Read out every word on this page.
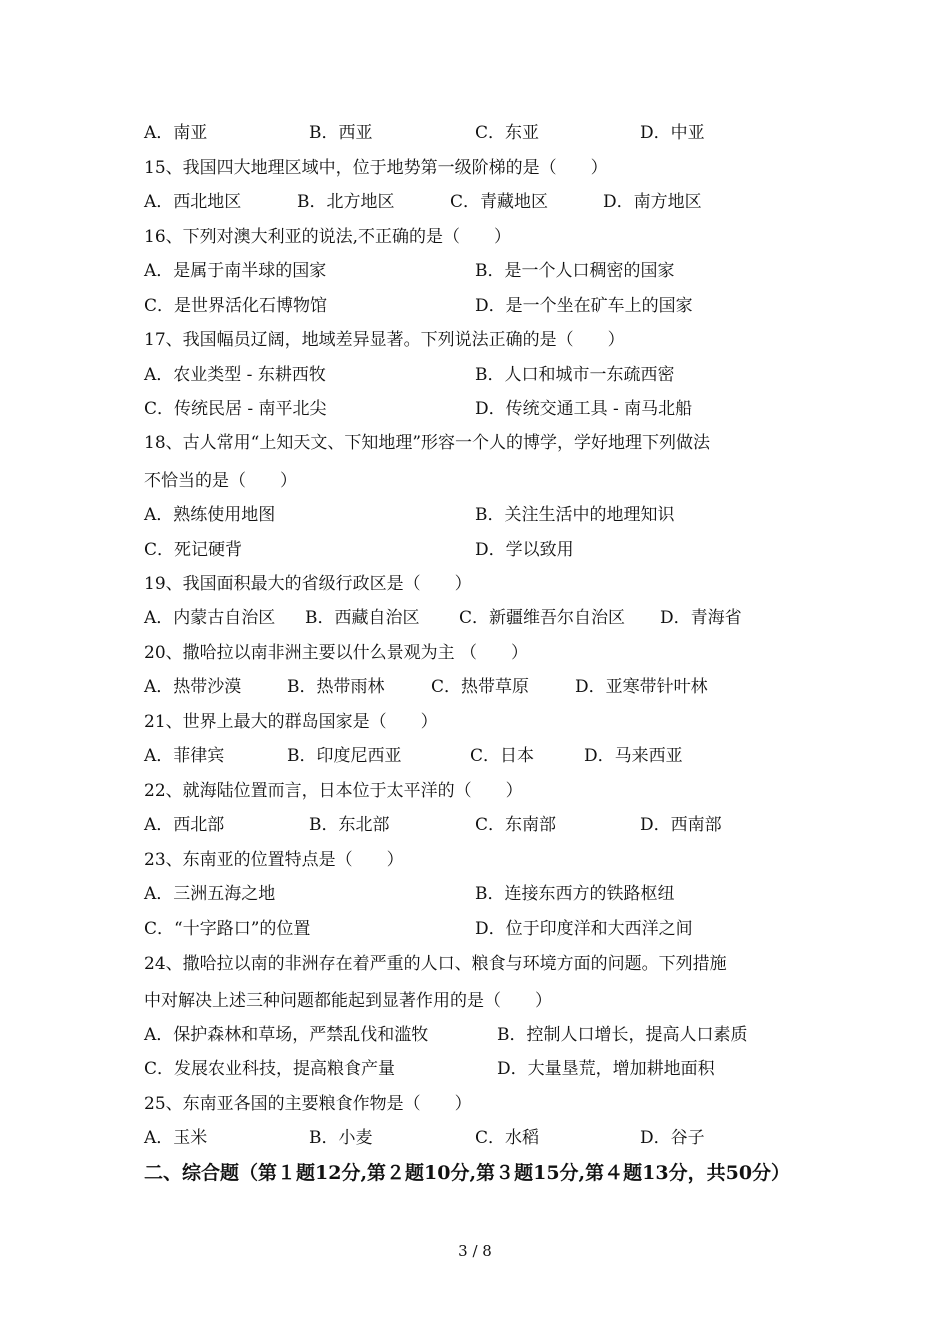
A．南亚	B．西亚	C．东亚	D．中亚
15、我国四大地理区域中，位于地势第一级阶梯的是（　　）
A．西北地区	B．北方地区	C．青藏地区	D．南方地区
16、下列对澳大利亚的说法,不正确的是（　　）
A．是属于南半球的国家	B．是一个人口稠密的国家
C．是世界活化石博物馆	D．是一个坐在矿车上的国家
17、我国幅员辽阔，地域差异显著。下列说法正确的是（　　）
A．农业类型 - 东耕西牧	B．人口和城市一东疏西密
C．传统民居 - 南平北尖	D．传统交通工具 - 南马北船
18、古人常用“上知天文、下知地理”形容一个人的博学，学好地理下列做法
不恰当的是（　　）
A．熟练使用地图	B．关注生活中的地理知识
C．死记硬背	D．学以致用
19、我国面积最大的省级行政区是（　　）
A．内蒙古自治区 B．西藏自治区 C．新疆维吾尔自治区 D．青海省
20、撒哈拉以南非洲主要以什么景观为主 （　　）
A．热带沙漠	B．热带雨林	C．热带草原	D．亚寒带针叶林
21、世界上最大的群岛国家是（　　）
A．菲律宾	B．印度尼西亚	C．日本	D．马来西亚
22、就海陆位置而言，日本位于太平洋的（　　）
A．西北部	B．东北部	C．东南部	D．西南部
23、东南亚的位置特点是（　　）
A．三洲五海之地	B．连接东西方的铁路枢纽
C．“十字路口”的位置	D．位于印度洋和大西洋之间
24、撒哈拉以南的非洲存在着严重的人口、粮食与环境方面的问题。下列措施
中对解决上述三种问题都能起到显著作用的是（　　）
A．保护森林和草场，严禁乱伐和滥牧	B．控制人口增长，提高人口素质
C．发展农业科技，提高粮食产量	D．大量垦荒，增加耕地面积
25、东南亚各国的主要粮食作物是（　　）
A．玉米	B．小麦	C．水稻	D．谷子
二、综合题（第１题12分,第２题10分,第３题15分,第４题13分，共50分）
3 / 8
